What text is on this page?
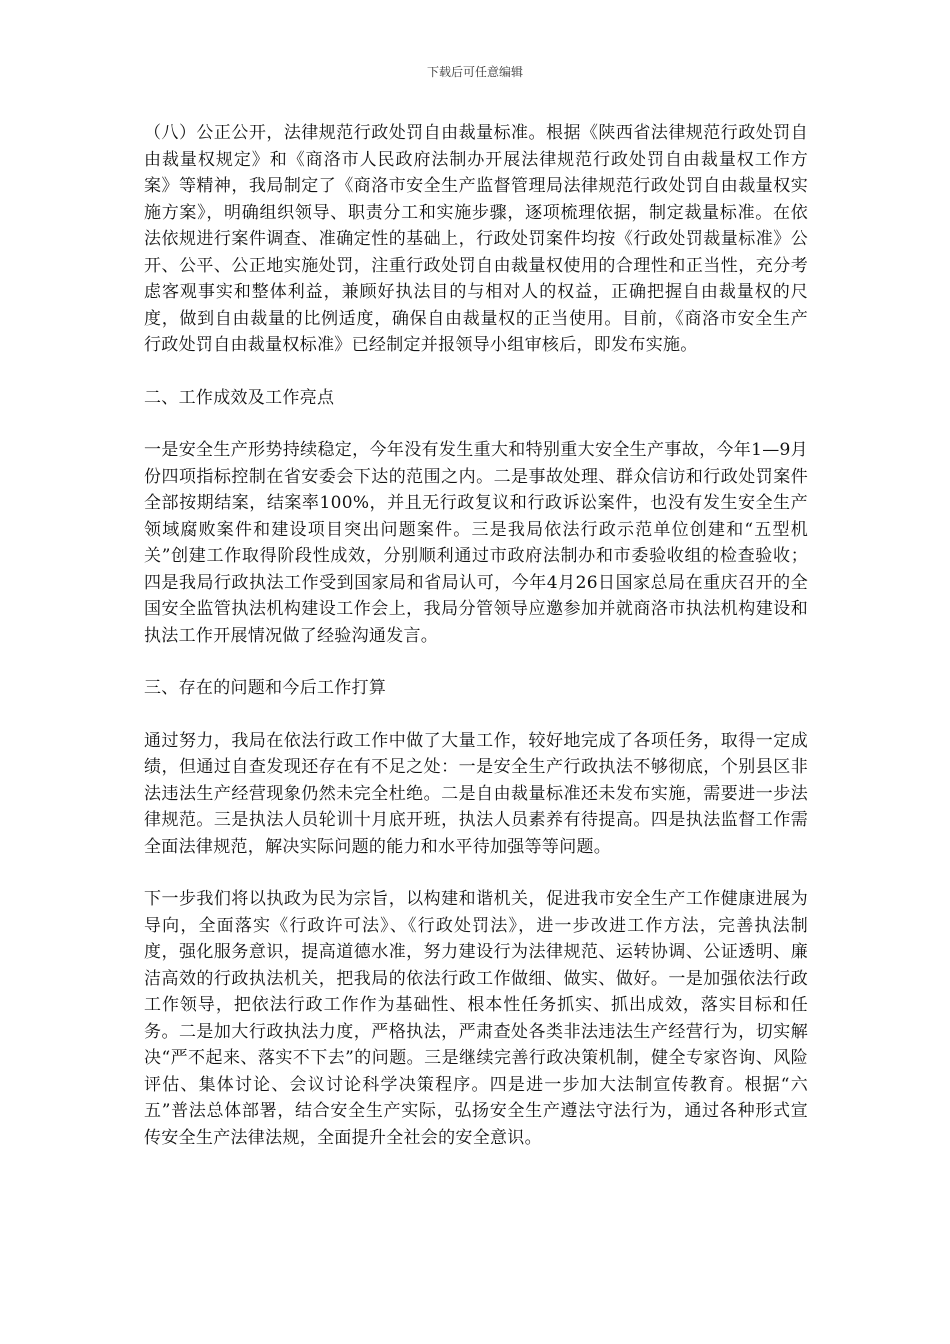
下载后可任意编辑

（八）公正公开，法律规范行政处罚自由裁量标准。根据《陕西省法律规范行政处罚自由裁量权规定》和《商洛市人民政府法制办开展法律规范行政处罚自由裁量权工作方案》等精神，我局制定了《商洛市安全生产监督管理局法律规范行政处罚自由裁量权实施方案》，明确组织领导、职责分工和实施步骤，逐项梳理依据，制定裁量标准。在依法依规进行案件调查、准确定性的基础上，行政处罚案件均按《行政处罚裁量标准》公开、公平、公正地实施处罚，注重行政处罚自由裁量权使用的合理性和正当性，充分考虑客观事实和整体利益，兼顾好执法目的与相对人的权益，正确把握自由裁量权的尺度，做到自由裁量的比例适度，确保自由裁量权的正当使用。目前，《商洛市安全生产行政处罚自由裁量权标准》已经制定并报领导小组审核后，即发布实施。

二、工作成效及工作亮点

一是安全生产形势持续稳定，今年没有发生重大和特别重大安全生产事故，今年1—9月份四项指标控制在省安委会下达的范围之内。二是事故处理、群众信访和行政处罚案件全部按期结案，结案率100%，并且无行政复议和行政诉讼案件，也没有发生安全生产领域腐败案件和建设项目突出问题案件。三是我局依法行政示范单位创建和“五型机关”创建工作取得阶段性成效，分别顺利通过市政府法制办和市委验收组的检查验收；四是我局行政执法工作受到国家局和省局认可，今年4月26日国家总局在重庆召开的全国安全监管执法机构建设工作会上，我局分管领导应邀参加并就商洛市执法机构建设和执法工作开展情况做了经验沟通发言。

三、存在的问题和今后工作打算

通过努力，我局在依法行政工作中做了大量工作，较好地完成了各项任务，取得一定成绩，但通过自查发现还存在有不足之处：一是安全生产行政执法不够彻底，个别县区非法违法生产经营现象仍然未完全杜绝。二是自由裁量标准还未发布实施，需要进一步法律规范。三是执法人员轮训十月底开班，执法人员素养有待提高。四是执法监督工作需全面法律规范，解决实际问题的能力和水平待加强等等问题。

下一步我们将以执政为民为宗旨，以构建和谐机关，促进我市安全生产工作健康进展为导向，全面落实《行政许可法》、《行政处罚法》，进一步改进工作方法，完善执法制度，强化服务意识，提高道德水准，努力建设行为法律规范、运转协调、公证透明、廉洁高效的行政执法机关，把我局的依法行政工作做细、做实、做好。一是加强依法行政工作领导，把依法行政工作作为基础性、根本性任务抓实、抓出成效，落实目标和任务。二是加大行政执法力度，严格执法，严肃查处各类非法违法生产经营行为，切实解决“严不起来、落实不下去”的问题。三是继续完善行政决策机制，健全专家咨询、风险评估、集体讨论、会议讨论科学决策程序。四是进一步加大法制宣传教育。根据“六五”普法总体部署，结合安全生产实际，弘扬安全生产遵法守法行为，通过各种形式宣传安全生产法律法规，全面提升全社会的安全意识。
